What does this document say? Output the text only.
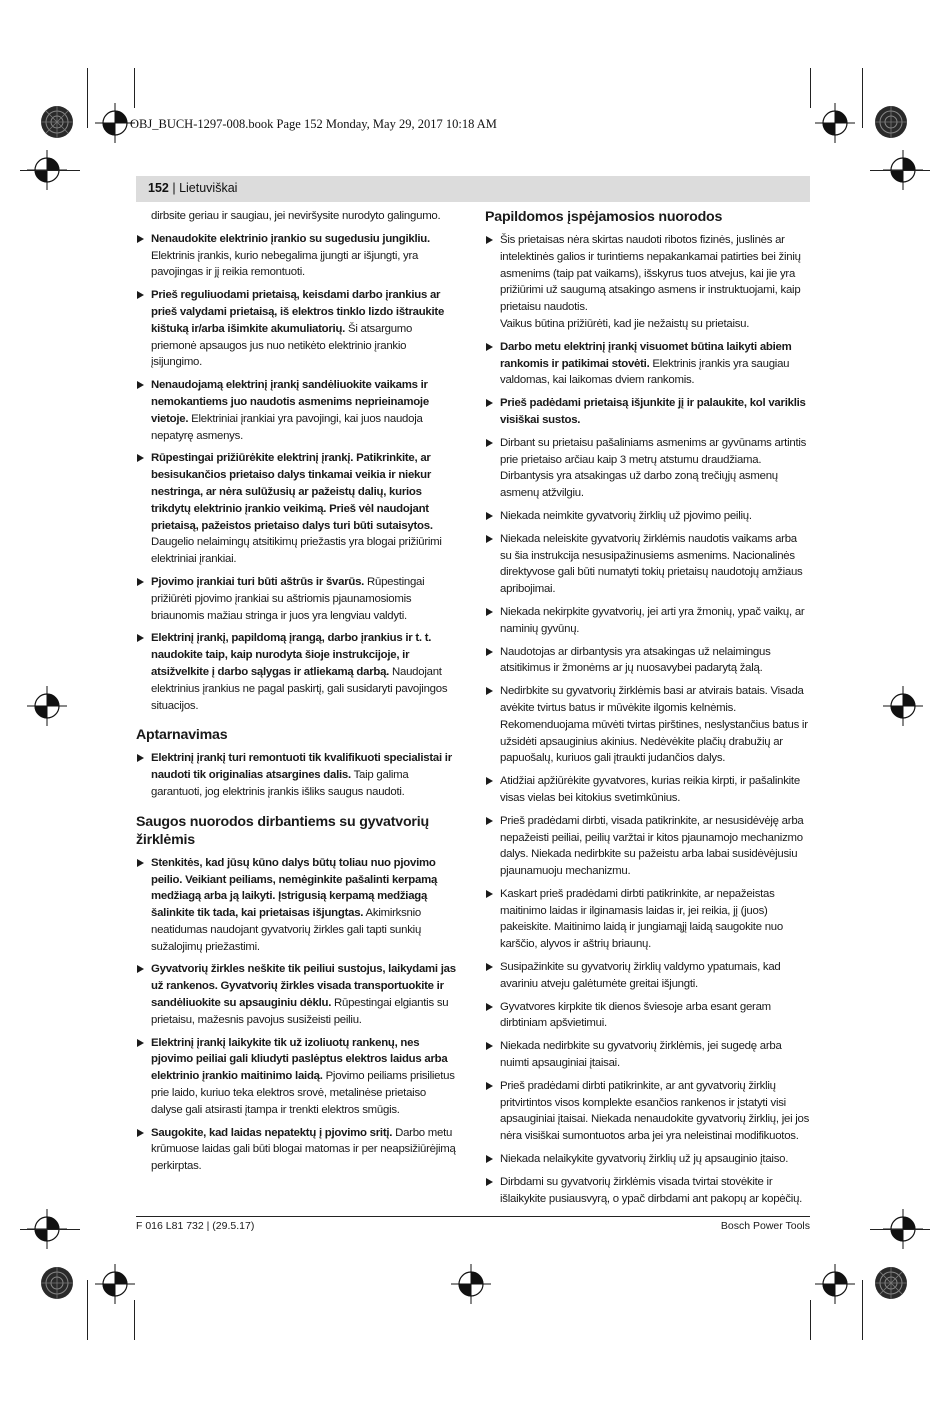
OBJ_BUCH-1297-008.book Page 152 Monday, May 29, 2017 10:18 AM
152 | Lietuviškai

dirbsite geriau ir saugiau, jei neviršysite nurodyto galingumo.

Nenaudokite elektrinio įrankio su sugedusiu jungikliu. Elektrinis įrankis, kurio nebegalima įjungti ar išjungti, yra pavojingas ir jį reikia remontuoti.

Prieš reguliuodami prietaisą, keisdami darbo įrankius ar prieš valydami prietaisą, iš elektros tinklo lizdo ištraukite kištuką ir/arba išimkite akumuliatorių. Ši atsargumo priemonė apsaugos jus nuo netikėto elektrinio įrankio įsijungimo.

Nenaudojamą elektrinį įrankį sandėliuokite vaikams ir nemokantiems juo naudotis asmenims neprieinamoje vietoje. Elektriniai įrankiai yra pavojingi, kai juos naudoja nepatyrę asmenys.

Rūpestingai prižiūrėkite elektrinį įrankį. Patikrinkite, ar besisukančios prietaiso dalys tinkamai veikia ir niekur nestringa, ar nėra sulūžusių ar pažeistų dalių, kurios trikdytų elektrinio įrankio veikimą. Prieš vėl naudojant prietaisą, pažeistos prietaiso dalys turi būti sutaisytos. Daugelio nelaimingų atsitikimų priežastis yra blogai prižiūrimi elektriniai įrankiai.

Pjovimo įrankiai turi būti aštrūs ir švarūs. Rūpestingai prižiūrėti pjovimo įrankiai su aštriomis pjaunamosiomis briaunomis mažiau stringa ir juos yra lengviau valdyti.

Elektrinį įrankį, papildomą įrangą, darbo įrankius ir t. t. naudokite taip, kaip nurodyta šioje instrukcijoje, ir atsižvelkite į darbo sąlygas ir atliekamą darbą. Naudojant elektrinius įrankius ne pagal paskirtį, gali susidaryti pavojingos situacijos.

Aptarnavimas

Elektrinį įrankį turi remontuoti tik kvalifikuoti specialistai ir naudoti tik originalias atsargines dalis. Taip galima garantuoti, jog elektrinis įrankis išliks saugus naudoti.

Saugos nuorodos dirbantiems su gyvatvorių žirklėmis

Stenkitės, kad jūsų kūno dalys būtų toliau nuo pjovimo peilio. Veikiant peiliams, nemėginkite pašalinti kerpamą medžiagą arba ją laikyti. Įstrigusią kerpamą medžiagą šalinkite tik tada, kai prietaisas išjungtas. Akimirksnio neatidumas naudojant gyvatvorių žirkles gali tapti sunkių sužalojimų priežastimi.

Gyvatvorių žirkles neškite tik peiliui sustojus, laikydami jas už rankenos. Gyvatvorių žirkles visada transportuokite ir sandėliuokite su apsauginiu dėklu. Rūpestingai elgiantis su prietaisu, mažesnis pavojus susižeisti peiliu.

Elektrinį įrankį laikykite tik už izoliuotų rankenų, nes pjovimo peiliai gali kliudyti paslėptus elektros laidus arba elektrinio įrankio maitinimo laidą. Pjovimo peiliams prisilietus prie laido, kuriuo teka elektros srovė, metalinėse prietaiso dalyse gali atsirasti įtampa ir trenkti elektros smūgis.

Saugokite, kad laidas nepatektų į pjovimo sritį. Darbo metu krūmuose laidas gali būti blogai matomas ir per neapsižiūrėjimą perkirptas.

Papildomos įspėjamosios nuorodos

Šis prietaisas nėra skirtas naudoti ribotos fizinės, juslinės ar intelektinės galios ir turintiems nepakankamai patirties bei žinių asmenims (taip pat vaikams), išskyrus tuos atvejus, kai jie yra prižiūrimi už saugumą atsakingo asmens ir instruktuojami, kaip prietaisu naudotis.
Vaikus būtina prižiūrėti, kad jie nežaistų su prietaisu.

Darbo metu elektrinį įrankį visuomet būtina laikyti abiem rankomis ir patikimai stovėti. Elektrinis įrankis yra saugiau valdomas, kai laikomas dviem rankomis.

Prieš padėdami prietaisą išjunkite jį ir palaukite, kol variklis visiškai sustos.

Dirbant su prietaisu pašaliniams asmenims ar gyvūnams artintis prie prietaiso arčiau kaip 3 metrų atstumu draudžiama. Dirbantysis yra atsakingas už darbo zoną trečiųjų asmenų asmenų atžvilgiu.

Niekada neimkite gyvatvorių žirklių už pjovimo peilių.

Niekada neleiskite gyvatvorių žirklėmis naudotis vaikams arba su šia instrukcija nesusipažinusiems asmenims. Nacionalinės direktyvose gali būti numatyti tokių prietaisų naudotojų amžiaus apribojimai.

Niekada nekirpkite gyvatvorių, jei arti yra žmonių, ypač vaikų, ar naminių gyvūnų.

Naudotojas ar dirbantysis yra atsakingas už nelaimingus atsitikimus ir žmonėms ar jų nuosavybei padarytą žalą.

Nedirbkite su gyvatvorių žirklėmis basi ar atvirais batais. Visada avėkite tvirtus batus ir mūvėkite ilgomis kelnėmis. Rekomenduojama mūvėti tvirtas pirštines, neslystančius batus ir užsidėti apsauginius akinius. Nedėvėkite plačių drabužių ar papuošalų, kuriuos gali įtraukti judančios dalys.

Atidžiai apžiūrėkite gyvatvores, kurias reikia kirpti, ir pašalinkite visas vielas bei kitokius svetimkūnius.

Prieš pradėdami dirbti, visada patikrinkite, ar nesusidėvėję arba nepažeisti peiliai, peilių varžtai ir kitos pjaunamojo mechanizmo dalys. Niekada nedirbkite su pažeistu arba labai susidėvėjusiu pjaunamuoju mechanizmu.

Kaskart prieš pradėdami dirbti patikrinkite, ar nepažeistas maitinimo laidas ir ilginamasis laidas ir, jei reikia, jį (juos) pakeiskite. Maitinimo laidą ir jungiamąjį laidą saugokite nuo karščio, alyvos ir aštrių briaunų.

Susipažinkite su gyvatvorių žirklių valdymo ypatumais, kad avariniu atveju galėtumėte greitai išjungti.

Gyvatvores kirpkite tik dienos šviesoje arba esant geram dirbtiniam apšvietimui.

Niekada nedirbkite su gyvatvorių žirklėmis, jei sugedę arba nuimti apsauginiai įtaisai.

Prieš pradėdami dirbti patikrinkite, ar ant gyvatvorių žirklių pritvirtintos visos komplekte esančios rankenos ir įstatyti visi apsauginiai įtaisai. Niekada nenaudokite gyvatvorių žirklių, jei jos nėra visiškai sumontuotos arba jei yra neleistinai modifikuotos.

Niekada nelaikykite gyvatvorių žirklių už jų apsauginio įtaiso.

Dirbdami su gyvatvorių žirklėmis visada tvirtai stovėkite ir išlaikykite pusiausvyrą, o ypač dirbdami ant pakopų ar kopėčių.

F 016 L81 732 | (29.5.17)	Bosch Power Tools
